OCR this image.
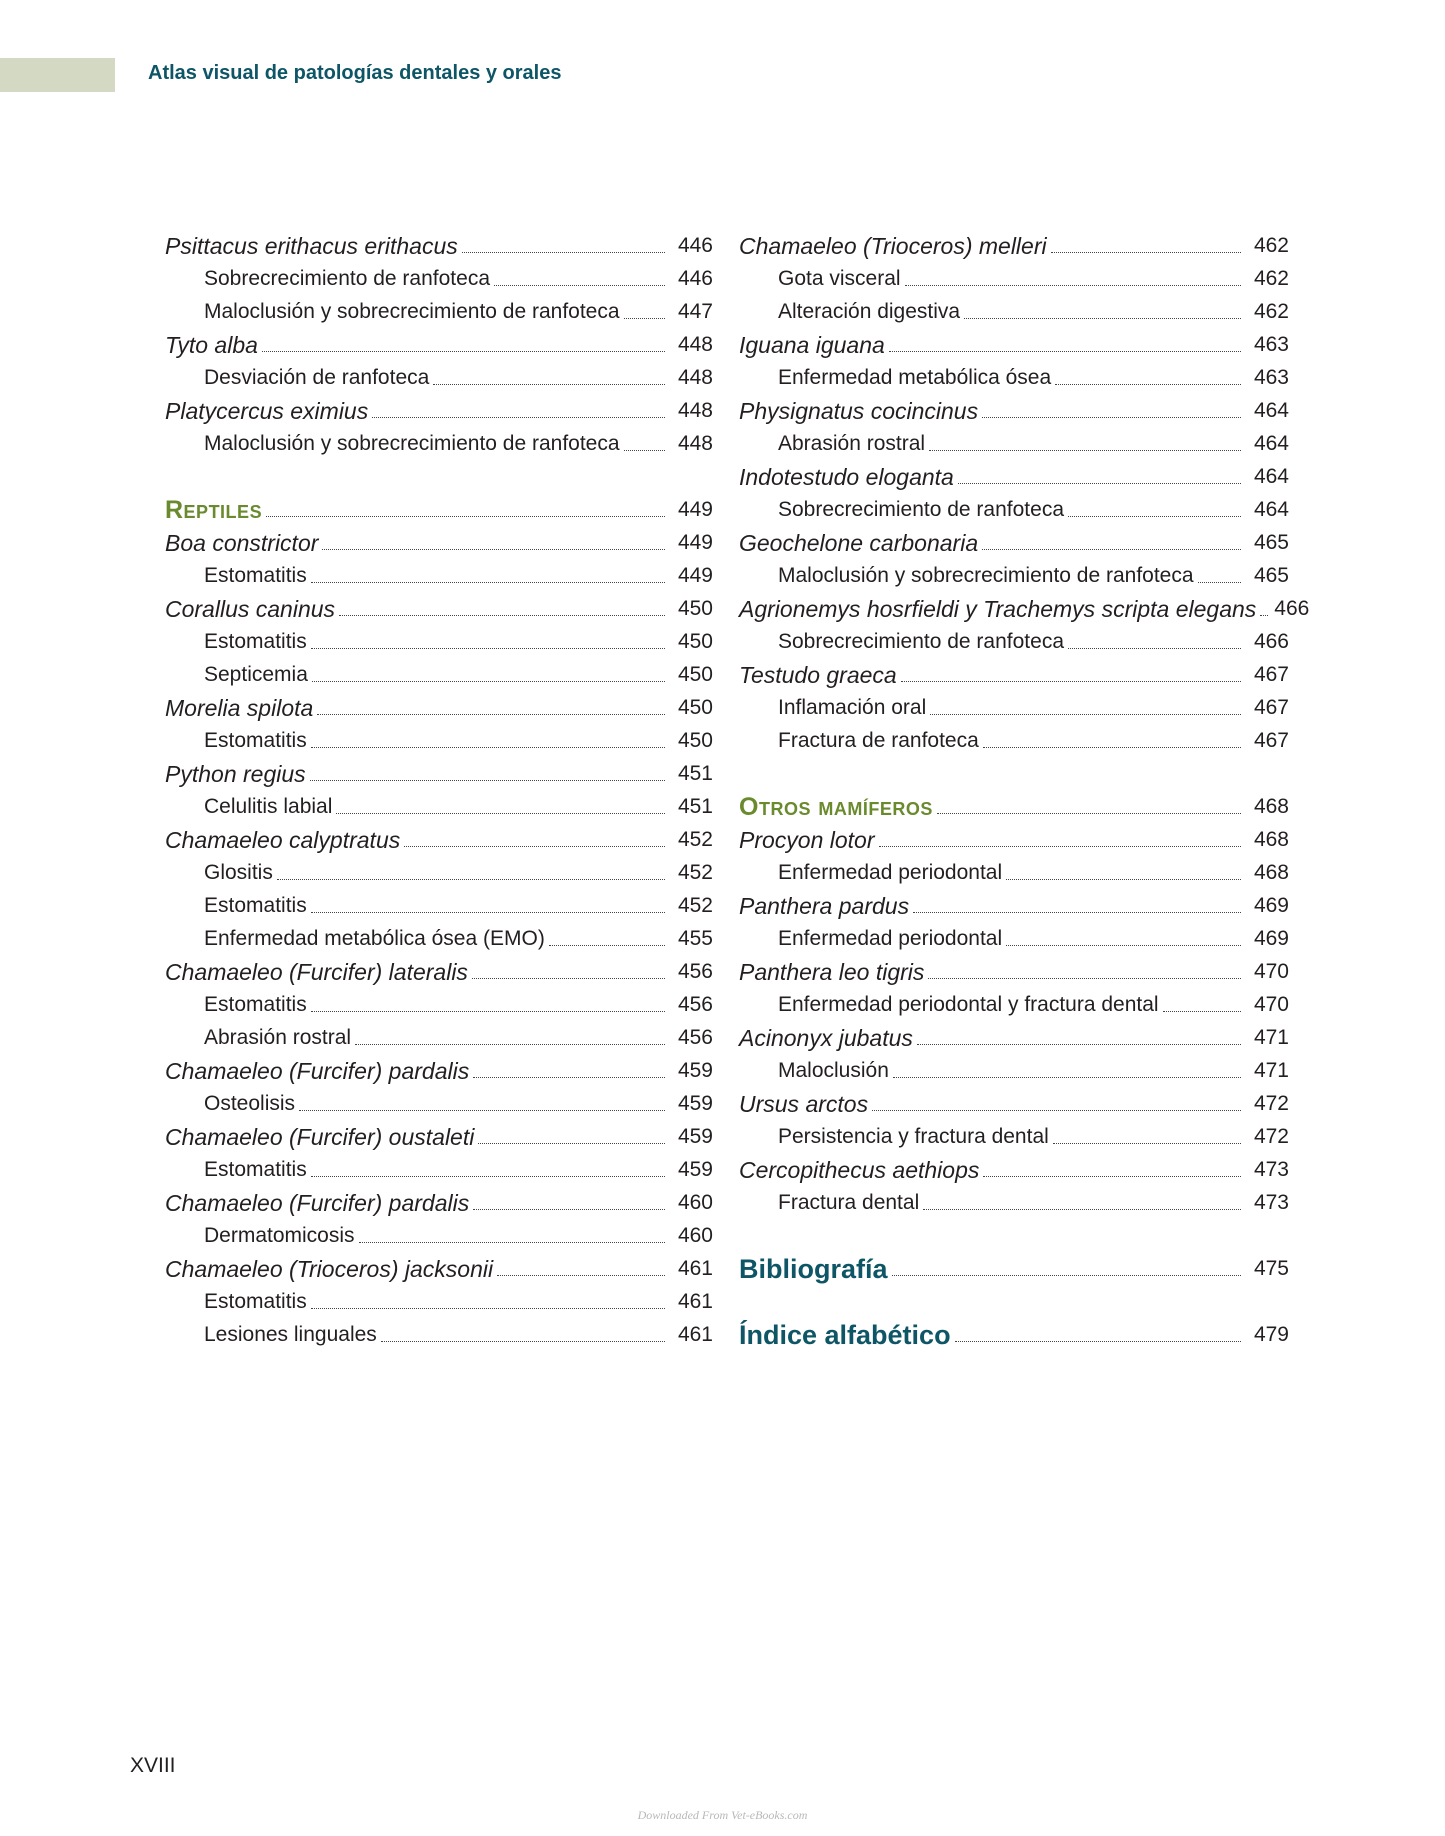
Atlas visual de patologías dentales y orales
Psittacus erithacus erithacus	446
Sobrecrecimiento de ranfoteca	446
Maloclusión y sobrecrecimiento de ranfoteca	447
Tyto alba	448
Desviación de ranfoteca	448
Platycercus eximius	448
Maloclusión y sobrecrecimiento de ranfoteca	448
Reptiles	449
Boa constrictor	449
Estomatitis	449
Corallus caninus	450
Estomatitis	450
Septicemia	450
Morelia spilota	450
Estomatitis	450
Python regius	451
Celulitis labial	451
Chamaeleo calyptratus	452
Glositis	452
Estomatitis	452
Enfermedad metabólica ósea (EMO)	455
Chamaeleo (Furcifer) lateralis	456
Estomatitis	456
Abrasión rostral	456
Chamaeleo (Furcifer) pardalis	459
Osteolisis	459
Chamaeleo (Furcifer) oustaleti	459
Estomatitis	459
Chamaeleo (Furcifer) pardalis	460
Dermatomicosis	460
Chamaeleo (Trioceros) jacksonii	461
Estomatitis	461
Lesiones linguales	461
Chamaeleo (Trioceros) melleri	462
Gota visceral	462
Alteración digestiva	462
Iguana iguana	463
Enfermedad metabólica ósea	463
Physignatus cocincinus	464
Abrasión rostral	464
Indotestudo eloganta	464
Sobrecrecimiento de ranfoteca	464
Geochelone carbonaria	465
Maloclusión y sobrecrecimiento de ranfoteca	465
Agrionemys hosrfieldi y Trachemys scripta elegans 466
Sobrecrecimiento de ranfoteca	466
Testudo graeca	467
Inflamación oral	467
Fractura de ranfoteca	467
Otros mamíferos	468
Procyon lotor	468
Enfermedad periodontal	468
Panthera pardus	469
Enfermedad periodontal	469
Panthera leo tigris	470
Enfermedad periodontal y fractura dental	470
Acinonyx jubatus	471
Maloclusión	471
Ursus arctos	472
Persistencia y fractura dental	472
Cercopithecus aethiops	473
Fractura dental	473
Bibliografía	475
Índice alfabético	479
XVIII
Downloaded From Vet-eBooks.com
